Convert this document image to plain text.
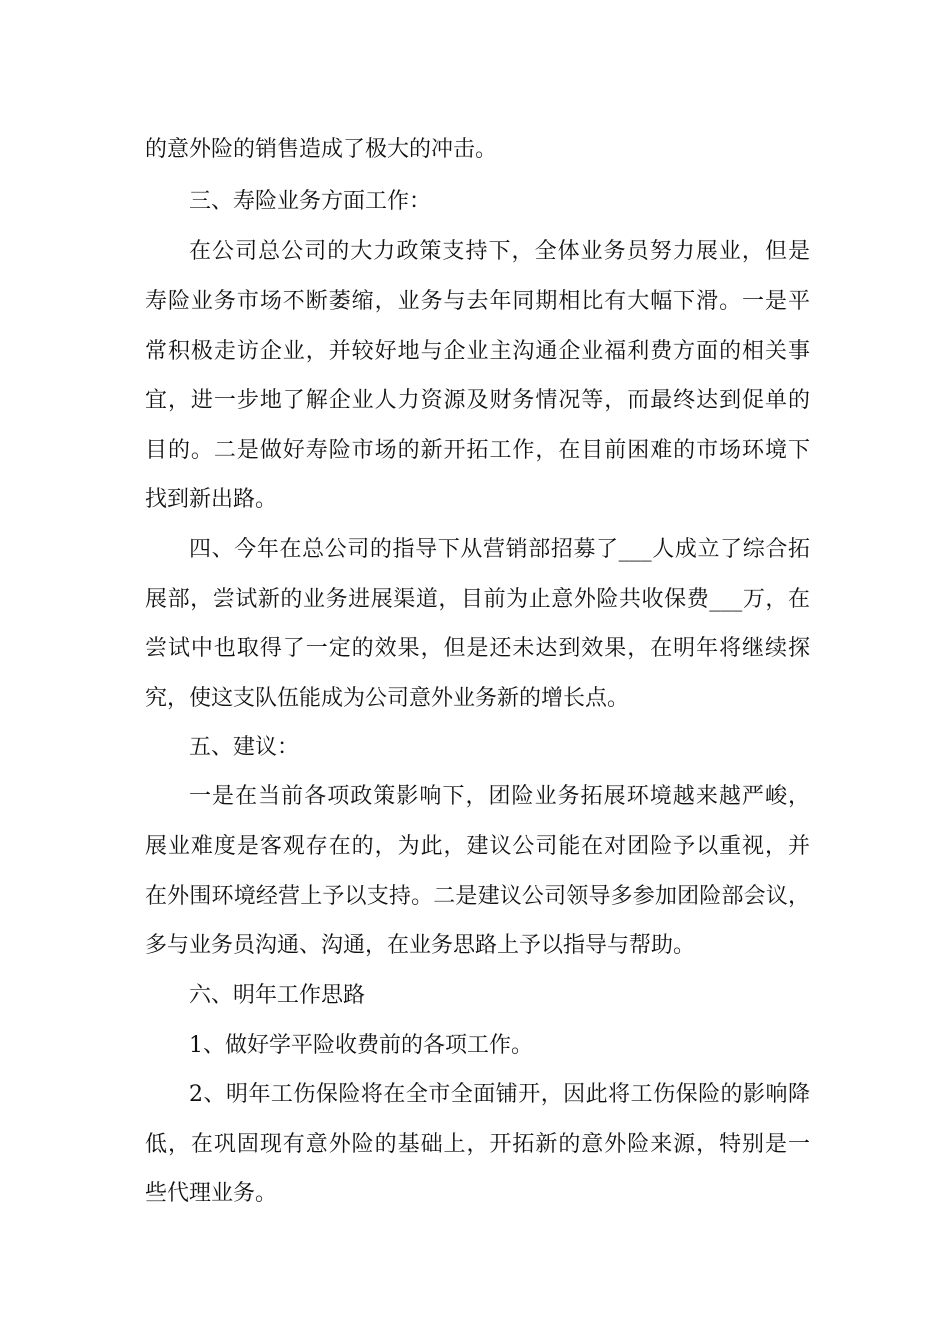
的意外险的销售造成了极大的冲击。
三、寿险业务方面工作：
在公司总公司的大力政策支持下，全体业务员努力展业，但是
寿险业务市场不断萎缩，业务与去年同期相比有大幅下滑。一是平
常积极走访企业，并较好地与企业主沟通企业福利费方面的相关事
宜，进一步地了解企业人力资源及财务情况等，而最终达到促单的
目的。二是做好寿险市场的新开拓工作，在目前困难的市场环境下
找到新出路。
四、今年在总公司的指导下从营销部招募了___人成立了综合拓
展部，尝试新的业务进展渠道，目前为止意外险共收保费___万，在
尝试中也取得了一定的效果，但是还未达到效果，在明年将继续探
究，使这支队伍能成为公司意外业务新的增长点。
五、建议：
一是在当前各项政策影响下，团险业务拓展环境越来越严峻，
展业难度是客观存在的，为此，建议公司能在对团险予以重视，并
在外围环境经营上予以支持。二是建议公司领导多参加团险部会议，
多与业务员沟通、沟通，在业务思路上予以指导与帮助。
六、明年工作思路
1、做好学平险收费前的各项工作。
2、明年工伤保险将在全市全面铺开，因此将工伤保险的影响降
低，在巩固现有意外险的基础上，开拓新的意外险来源，特别是一
些代理业务。
